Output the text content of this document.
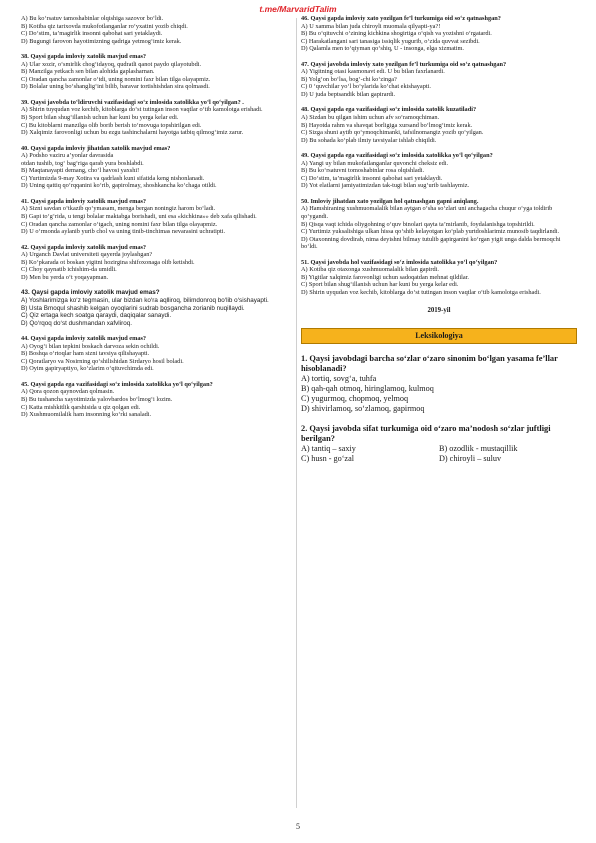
t.me/MarvaridTalim
A) Bu ko‘rsatuv tamoshabinlar olqishiga sazovor bo‘ldi.
B) Kotiba qiz tarixovda mukofotlanganlar ro‘yxatini yozib chiqdi.
C) Do‘stim, ta’magirlik insonni qabohat sari yetaklaydi.
D) Bugungi farovon hayotimizning qadriga yetmog‘imiz kerak.
38. Qaysi gapda imloviy xatolik mavjud emas?
A) Ular xozir, o‘smirlik chog‘idayoq, qudratli qanot paydo qilayotubdi.
B) Manzilga yetkach sen bilan alohida gaplasharnan.
C) Oradan qancha zamonlar o‘tdi, uning nomini faxr bilan tilga olayapmiz.
D) Bolalar uning bo‘shanglig‘ini bilib, baravar tortishishdan sira qolmasdi.
39. Qaysi javobda to‘ldiruvchi vazifasidagi so‘z imlosida xatolikka yo‘l qo‘yilgan? .
A) Shirin tuyqudan voz kechib, kitoblarga do‘st tutingan inson vaqtlar o‘tib kamolotga erishadi.
B) Sport bilan shug‘illanish uchun har kuni bu yerga kelar edi.
C) Bu kitoblarni manzilga olib borib berish to‘movuga topshirilgan edi.
D) Xalqimiz farovonligi uchun bu ezgu tashinchalarni hayotga tatbiq qilmog‘imiz zarur.
40. Qaysi gapda imloviy jihatdan xatolik mavjud emas?
A) Podsho vaziru a’yonlar davrasida
otdan tushib, tog‘ bag‘riga qarab yura boshlabdi.
B) Maqtanayapti demang, cho‘l havosi yaxshi!
C) Yurtimizda 9-may Xotira va qadrlash kuni sifatida keng nishonlanadi.
D) Uning qattiq qo‘rqqanini ko‘rib, gapirolmay, shoshkancha ko‘chaga otildi.
41. Qaysi gapda imloviy xatolik mavjud emas?
A) Sizni savdan o‘tkazib qo‘ymasam, menga bergan noningiz harom bo‘ladi.
B) Gapi to‘g‘rida, u tengi bolalar maktabga borishadi, uni esa «kichkina»» deb xafa qilishadi.
C) Oradan qancha zamonlar o‘tgach, uning nomini faxr bilan tilga olayapmiz.
D) U o‘rmonda aylanib yurib chol va uning tinib-tinchimas nevarasini uchratipti.
42. Qaysi gapda imloviy xatolik mavjud emas?
A) Urganch Davlat universiteti qayerda joylashgan?
B) Ko‘pkarada ot boskan yigitni hozirgina shifoxonaga olib ketishdi.
C) Choy qaynatib ichishim-da umidli.
D) Men bu yerda o‘t yoqayapman.
43. Qaysi gapda imloviy xatolik mavjud emas?
A) Yoshlarimizga ko‘z tegmasin, ular bizdan ko‘ra aqlliroq, bilimdonroq bo‘lib o‘sishayapti.
B) Usta Bmoqul shashib kelgan oyoqlarini sudrab bosgancha zorianib nuqillaydi.
C) Qiz ertaga kech soatga qaraydi, daqiqalar sanaydi.
D) Qo‘rqoq do‘st dushmandan xafvliroq.
44. Qaysi gapda imloviy xatolik mavjud emas?
A) Oyog‘i bilan tepkini boskach darvoza sekin ochildi.
B) Boshqa o‘rtoqlar ham sizni tavsiya qilishayapti.
C) Qoratlaryo va Nosirning qo‘shilishidan Sirdaryo hosil boladi.
D) Oyim gapiryaptiyo, ko‘zlarim o‘qituvchimda edi.
45. Qaysi gapda ega vazifasidagi so‘z imlosida xatolikka yo‘l qo‘yilgan?
A) Qora qozon qaynovdan qolmasin.
B) Bu tushancha xayotimizda yalovbardos bo‘lmog‘i lozim.
C) Katta mishkitlik qarshisida u qiz qolgan edi.
D) Xushmuomilalik ham insonning ko‘rki sanaladi.
46. Qaysi gapda imloviy xato yozilgan fe’l turkumiga oid so‘z qatnashgan?
A) U xamma bilan juda chiroyli muomala qilyapti-ya?!
B) Bu o‘qituvchi o‘zining kichkina shogirtiga o‘qish va yozishni o‘rgatardi.
C) Harakatlangani sari tanasiga issiqlik yugurib, o‘zida quvvat sezibdi.
D) Qalamla men to‘qiyman qo‘shiq, U - insonga, elga xizmatim.
47. Qaysi javobda imloviy xato yozilgan fe’l turkumiga oid so‘z qatnashgan?
A) Yigitning otasi kasmonavt edi. U bu bilan faxrlanardi.
B) Yolg‘on bo‘lsa, bog‘-chi ko‘zinga?
C) 0 ‘quvchilar yo‘l bo‘ylarida ko‘chat ekishayapti.
D) U juda beptsandik bilan gapirardi.
48. Qaysi gapda ega vazifasidagi so‘z imlosida xatolik kuzatiladi?
A) Sizdan bu qilgan ishim uchun afv so‘ramoqchiman.
B) Hayotda rahm va shavqat borligiga xursand bo‘lmog‘imiz kerak.
C) Sizga shuni aytib qo‘ymoqchimanki, tafsilnomangiz yozib qo‘yilgan.
D) Bu sohada ko‘plab ilmiy tavsiyalar ishlab chiqildi.
49. Qaysi gapda ega vazifasidagi so‘z imlosida xatolikka yo‘l qo‘yilgan?
A) Yangi uy bilan mukofatlanganlar quvonchi cheksiz edi.
B) Bu ko‘rsatuvni tomoshabinlar rosa olqishladi.
C) Do‘stim, ta’magirlik insonni qabohat sari yetaklaydi.
D) Yot elatlarni jamiyatimizdan tak-tugi bilan sug‘urib tashlaymiz.
50. Imloviy jihatdan xato yozilgan hol qatnashgan gapni aniqlang.
A) Hamshiraning xushmuomalalik bilan aytgan o‘sha so‘zlari uni anchagacha chuqur o‘yga toldirib qo‘ygandi.
B) Qisqa vaqt ichida oliygohning o‘quv binolari qayta ta’mirlanib, foydalanishga topshirildi.
C) Yurtimiz yuksalishiga ulkan hissa qo‘shib kelayotgan ko‘plab yurtdoshlarimiz munosib taqdirlandi.
D) Otaxonning dovdirab, nima deyishni bilmay tutulib gapirganini ko‘rgan yigit unga dalda bermoqchi bo‘ldi.
51. Qaysi javobda hol vazifasidagi so‘z imlosida xatolikka yo‘l qo‘yilgan?
A) Kotiba qiz otaxonga xushmuomalalik bilan gapirdi.
B) Yigitlar xalqimiz farovonligi uchun sadoqatdan mehnat qildilar.
C) Sport bilan shug‘illanish uchun har kuni bu yerga kelar edi.
D) Shirin uyqudan voz kechib, kitoblarga do‘st tutingan inson vaqtlar o‘tib kamolotga erishadi.
2019-yil
Leksikologiya
1. Qaysi javobdagi barcha so‘zlar o‘zaro sinonim bo‘lgan yasama fe’llar hisoblanadi?
A) tortiq, sovg‘a, tuhfa
B) qah-qah otmoq, hiringlamoq, kulmoq
C) yugurmoq, chopmoq, yelmoq
D) shivirlamoq, so‘zlamoq, gapirmoq
2. Qaysi javobda sifat turkumiga oid o‘zaro ma’nodosh so‘zlar juftligi berilgan?
A) tantiq – saxiy	B) ozodlik - mustaqillik
C) husn - go‘zal	D) chiroyli – suluv
5
